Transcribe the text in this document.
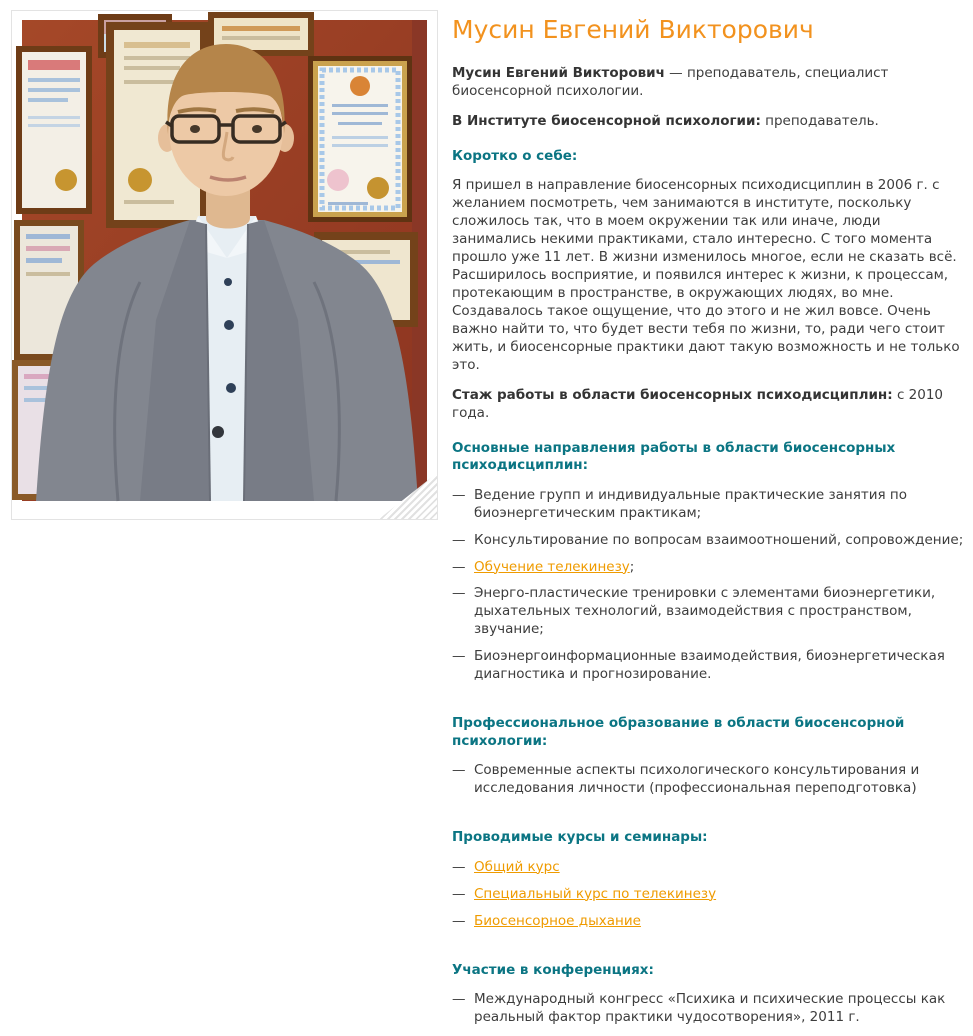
Мусин Евгений Викторович

Мусин Евгений Викторович — преподаватель, специалист биосенсорной психологии.

В Институте биосенсорной психологии: преподаватель.

Коротко о себе:

Я пришел в направление биосенсорных психодисциплин в 2006 г. с желанием посмотреть, чем занимаются в институте, поскольку сложилось так, что в моем окружении так или иначе, люди занимались некими практиками, стало интересно. С того момента прошло уже 11 лет. В жизни изменилось многое, если не сказать всё. Расширилось восприятие, и появился интерес к жизни, к процессам, протекающим в пространстве, в окружающих людях, во мне. Создавалось такое ощущение, что до этого и не жил вовсе. Очень важно найти то, что будет вести тебя по жизни, то, ради чего стоит жить, и биосенсорные практики дают такую возможность и не только это.

Стаж работы в области биосенсорных психодисциплин: с 2010 года.

Основные направления работы в области биосенсорных психодисциплин:
— Ведение групп и индивидуальные практические занятия по биоэнергетическим практикам;
— Консультирование по вопросам взаимоотношений, сопровождение;
— Обучение телекинезу;
— Энерго-пластические тренировки с элементами биоэнергетики, дыхательных технологий, взаимодействия с пространством, звучание;
— Биоэнергоинформационные взаимодействия, биоэнергетическая диагностика и прогнозирование.
Профессиональное образование в области биосенсорной психологии:
— Современные аспекты психологического консультирования и исследования личности (профессиональная переподготовка)
Проводимые курсы и семинары:
— Общий курс
— Специальный курс по телекинезу
— Биосенсорное дыхание
Участие в конференциях:
— Международный конгресс «Психика и психические процессы как реальный фактор практики чудосотворения», 2011 г.
